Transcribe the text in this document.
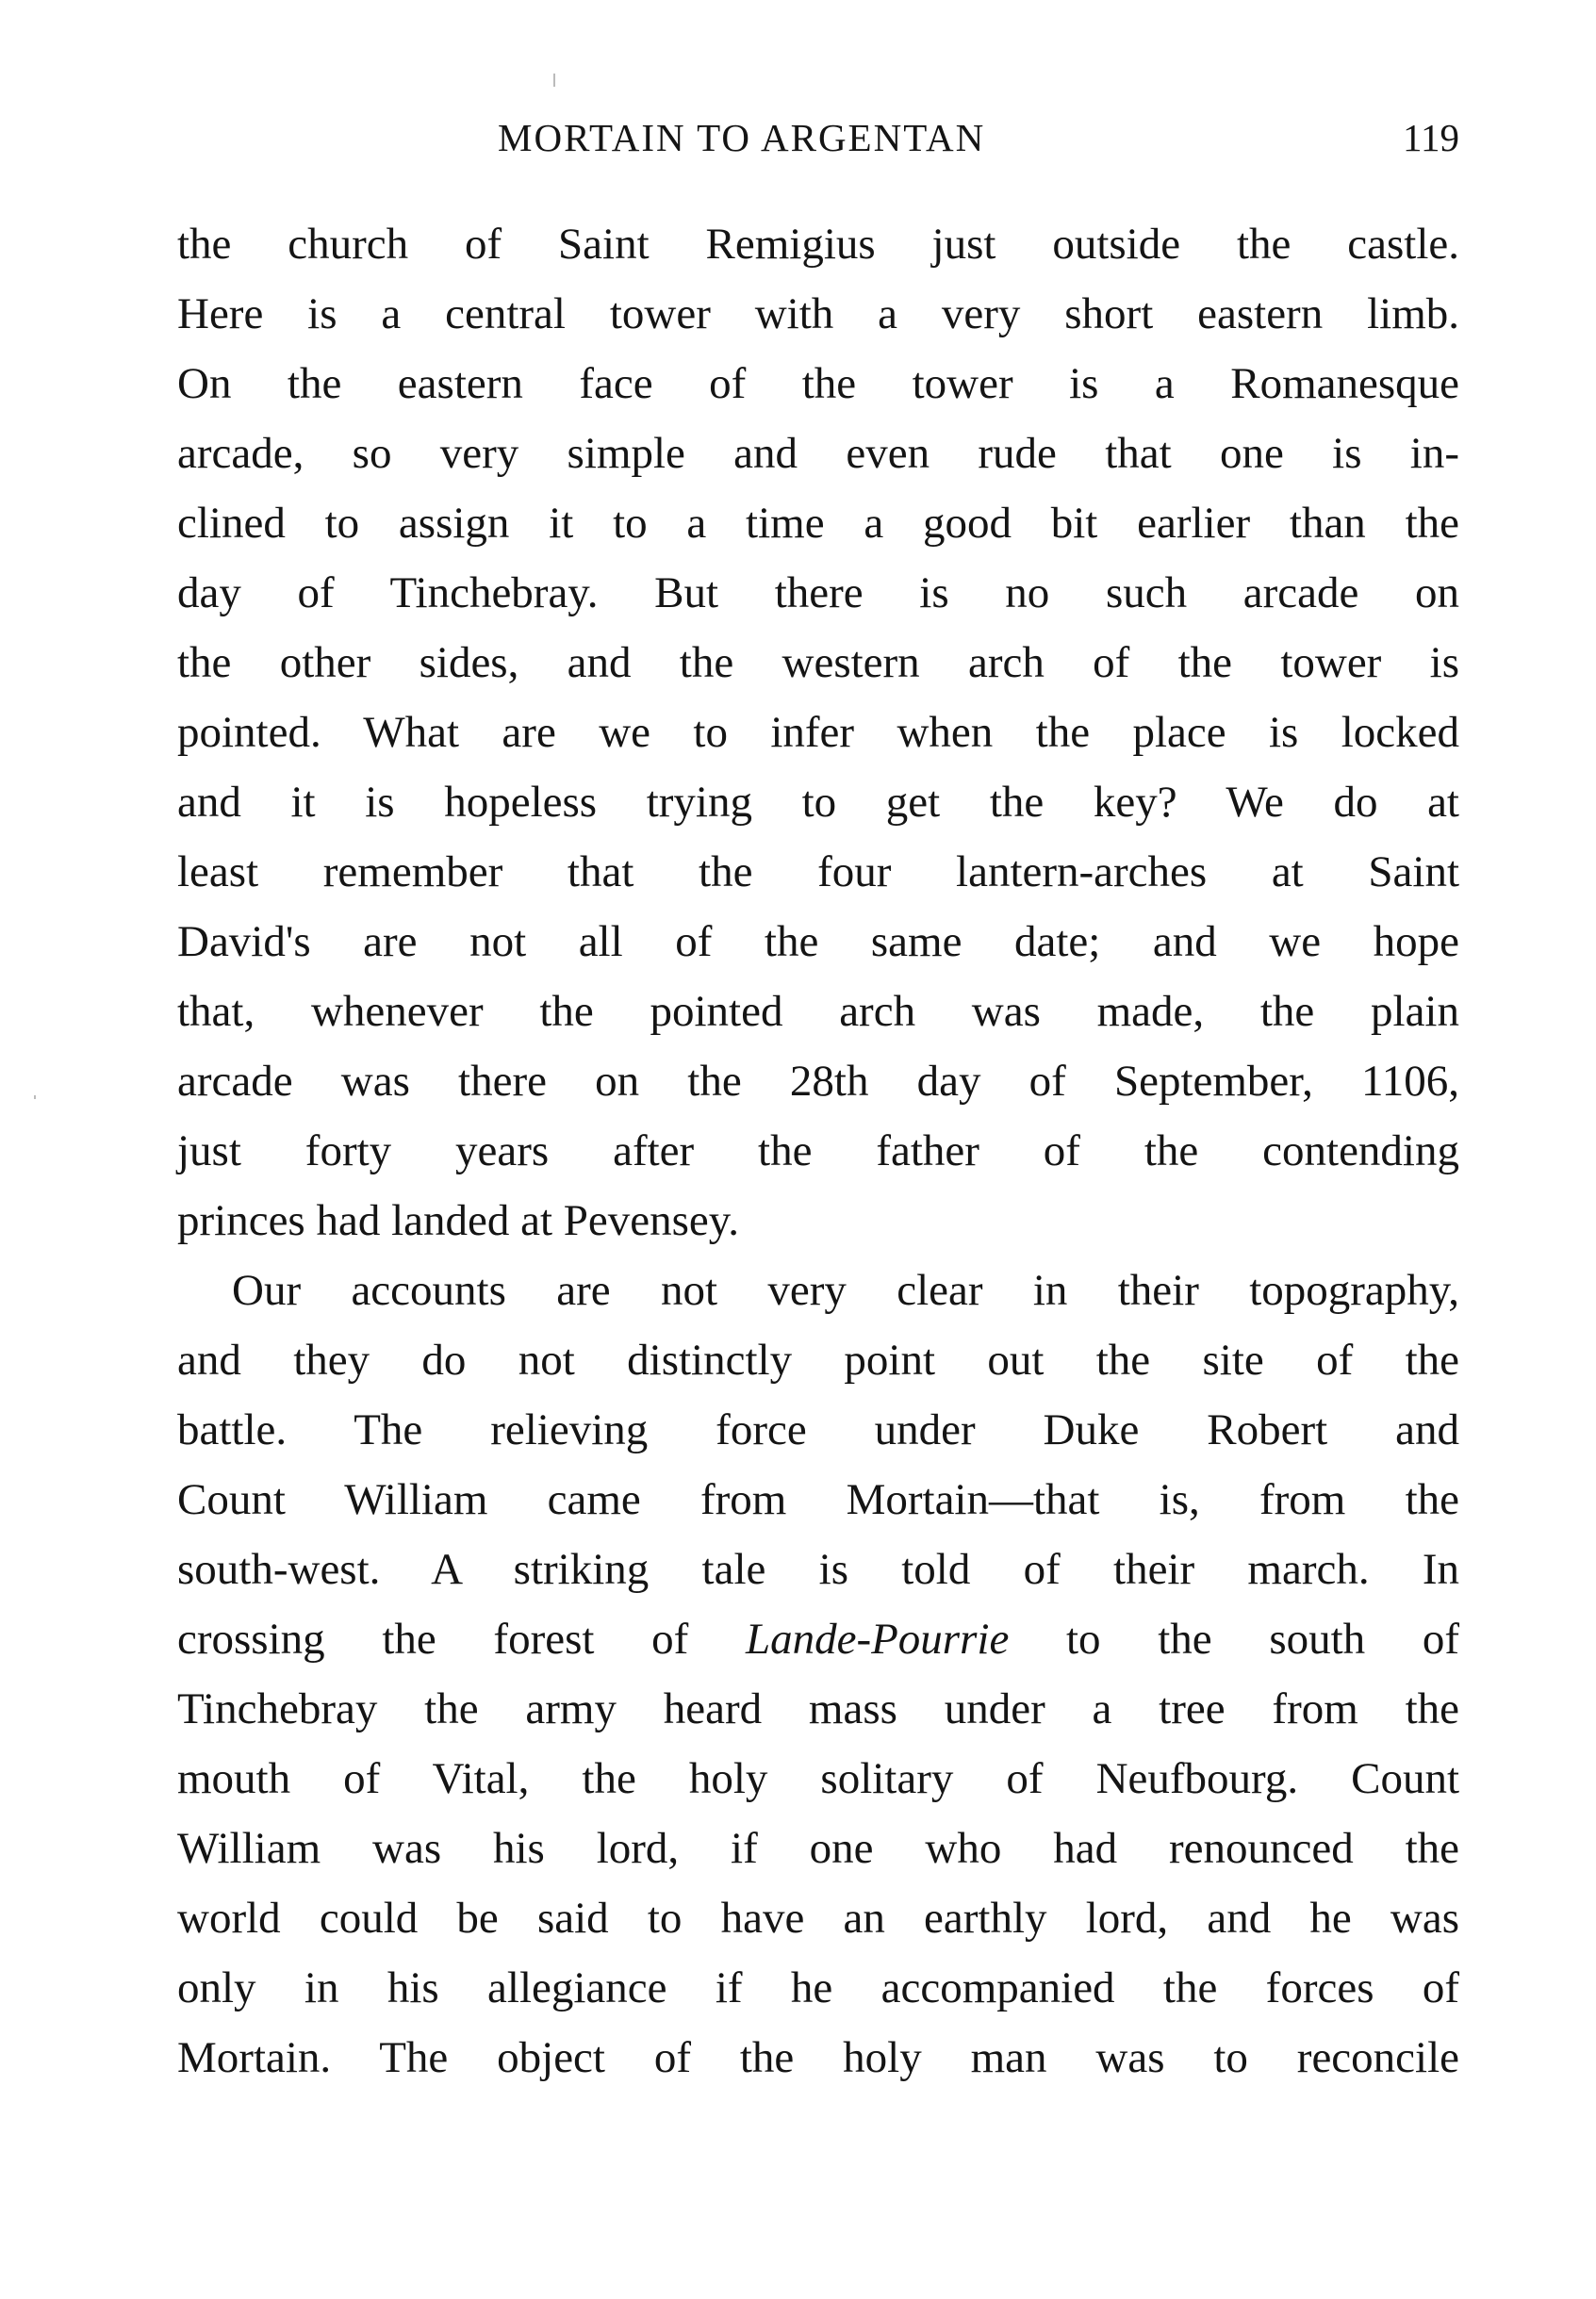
MORTAIN TO ARGENTAN	119
the church of Saint Remigius just outside the castle.
Here is a central tower with a very short eastern limb.
On the eastern face of the tower is a Romanesque
arcade, so very simple and even rude that one is in-
clined to assign it to a time a good bit earlier than the
day of Tinchebray. But there is no such arcade on
the other sides, and the western arch of the tower is
pointed. What are we to infer when the place is locked
and it is hopeless trying to get the key? We do at
least remember that the four lantern-arches at Saint
David's are not all of the same date; and we hope
that, whenever the pointed arch was made, the plain
arcade was there on the 28th day of September, 1106,
just forty years after the father of the contending
princes had landed at Pevensey.
Our accounts are not very clear in their topography,
and they do not distinctly point out the site of the
battle. The relieving force under Duke Robert and
Count William came from Mortain—that is, from the
south-west. A striking tale is told of their march. In
crossing the forest of Lande-Pourrie to the south of
Tinchebray the army heard mass under a tree from the
mouth of Vital, the holy solitary of Neufbourg. Count
William was his lord, if one who had renounced the
world could be said to have an earthly lord, and he was
only in his allegiance if he accompanied the forces of
Mortain. The object of the holy man was to reconcile
